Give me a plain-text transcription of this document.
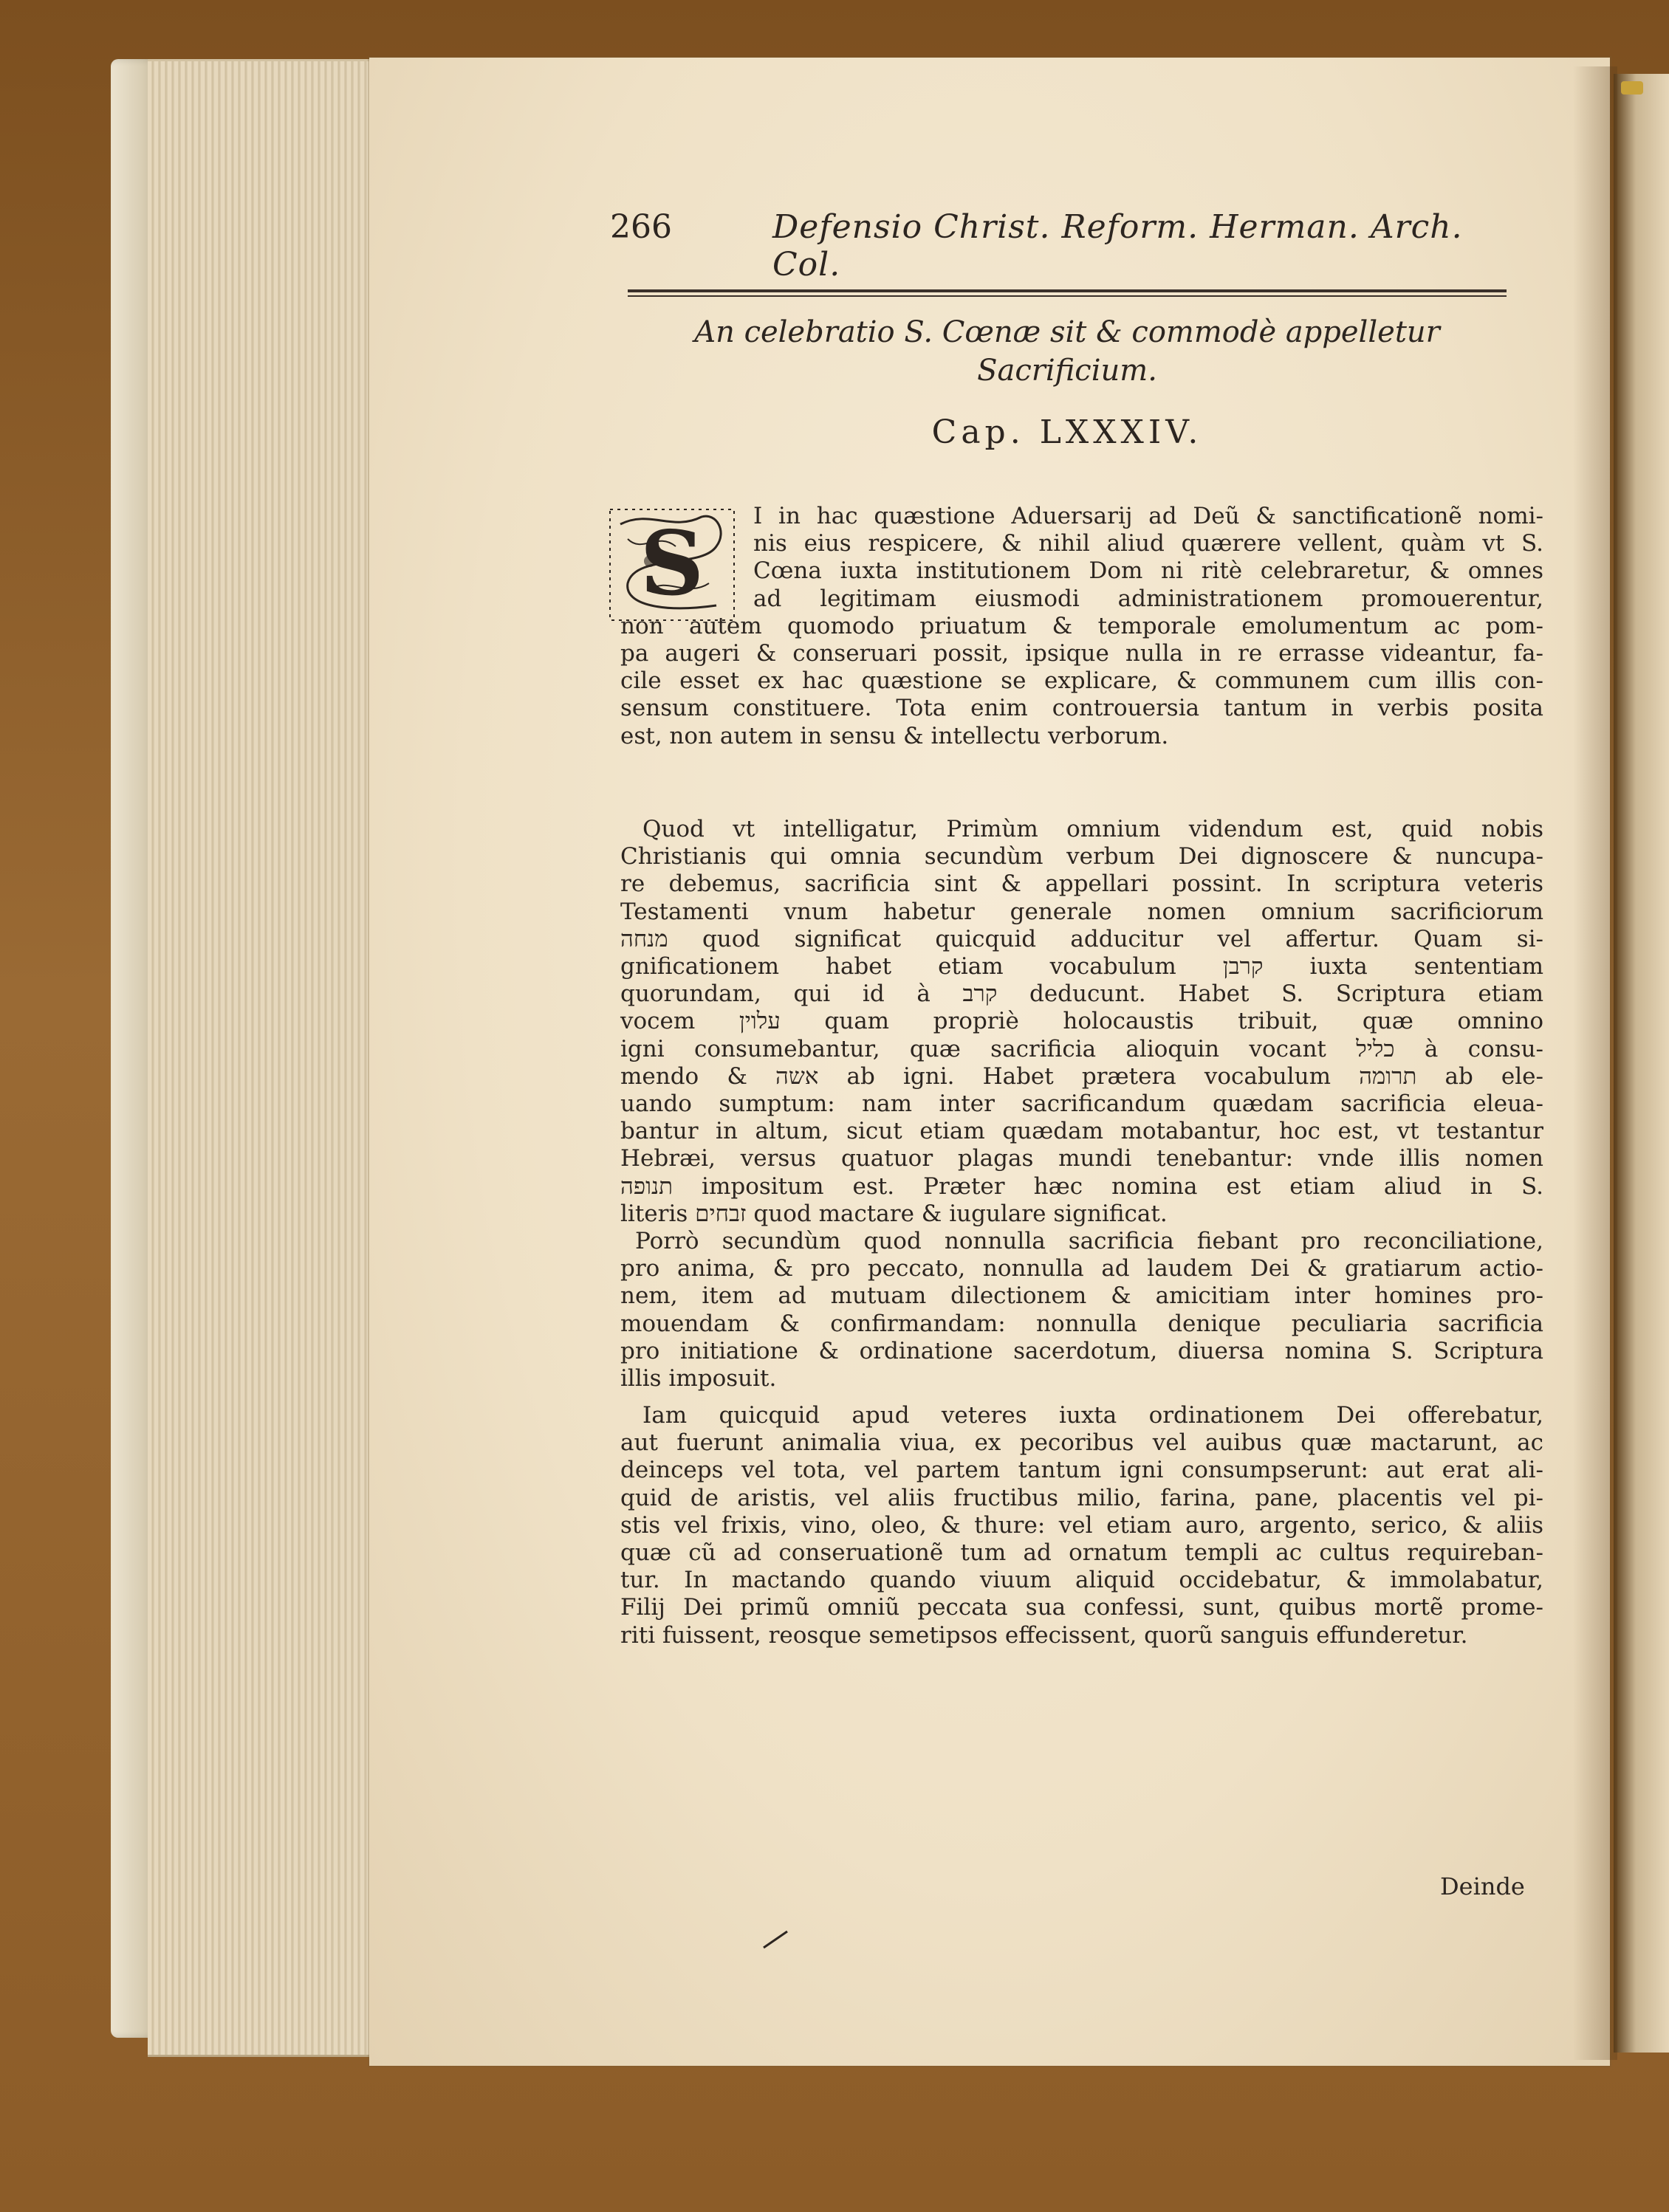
266	Defensio Christ. Reform. Herman. Arch. Col.
An celebratio S. Cœnæ sit & commodè appelletur
Sacrificium.
Cap. LXXXIV.
S I in hac quæstione Aduersarij ad Deũ & sanctificationẽ nomi-
nis eius respicere, & nihil aliud quærere vellent, quàm vt S.
Cœna iuxta institutionem Dom ni ritè celebraretur, & omnes
ad legitimam eiusmodi administrationem promouerentur,
non autem quomodo priuatum & temporale emolumentum ac pom-
pa augeri & conseruari possit, ipsique nulla in re errasse videantur, fa-
cile esset ex hac quæstione se explicare, & communem cum illis con-
sensum constituere. Tota enim controuersia tantum in verbis posita
est, non autem in sensu & intellectu verborum.
Quod vt intelligatur, Primùm omnium videndum est, quid nobis
Christianis qui omnia secundùm verbum Dei dignoscere & nuncupa-
re debemus, sacrificia sint & appellari possint. In scriptura veteris
Testamenti vnum habetur generale nomen omnium sacrificiorum
מנחה quod significat quicquid adducitur vel affertur. Quam si-
gnificationem habet etiam vocabulum קרבן iuxta sententiam
quorundam, qui id à קרב deducunt. Habet S. Scriptura etiam
vocem עלוין quam propriè holocaustis tribuit, quæ omnino
igni consumebantur, quæ sacrificia alioquin vocant כליל à consu-
mendo & אשה ab igni. Habet prætera vocabulum תרומה ab ele-
uando sumptum: nam inter sacrificandum quædam sacrificia eleua-
bantur in altum, sicut etiam quædam motabantur, hoc est, vt testantur
Hebræi, versus quatuor plagas mundi tenebantur: vnde illis nomen
תנופה impositum est. Præter hæc nomina est etiam aliud in S.
literis זבחים quod mactare & iugulare significat.
Porrò secundùm quod nonnulla sacrificia fiebant pro reconciliatione,
pro anima, & pro peccato, nonnulla ad laudem Dei & gratiarum actio-
nem, item ad mutuam dilectionem & amicitiam inter homines pro-
mouendam & confirmandam: nonnulla denique peculiaria sacrificia
pro initiatione & ordinatione sacerdotum, diuersa nomina S. Scriptura
illis imposuit.
Iam quicquid apud veteres iuxta ordinationem Dei offerebatur,
aut fuerunt animalia viua, ex pecoribus vel auibus quæ mactarunt, ac
deinceps vel tota, vel partem tantum igni consumpserunt: aut erat ali-
quid de aristis, vel aliis fructibus milio, farina, pane, placentis vel pi-
stis vel frixis, vino, oleo, & thure: vel etiam auro, argento, serico, & aliis
quæ cũ ad conseruationẽ tum ad ornatum templi ac cultus requireban-
tur. In mactando quando viuum aliquid occidebatur, & immolabatur,
Filij Dei primũ omniũ peccata sua confessi, sunt, quibus mortẽ prome-
riti fuissent, reosque semetipsos effecissent, quorũ sanguis effunderetur.
Deinde
